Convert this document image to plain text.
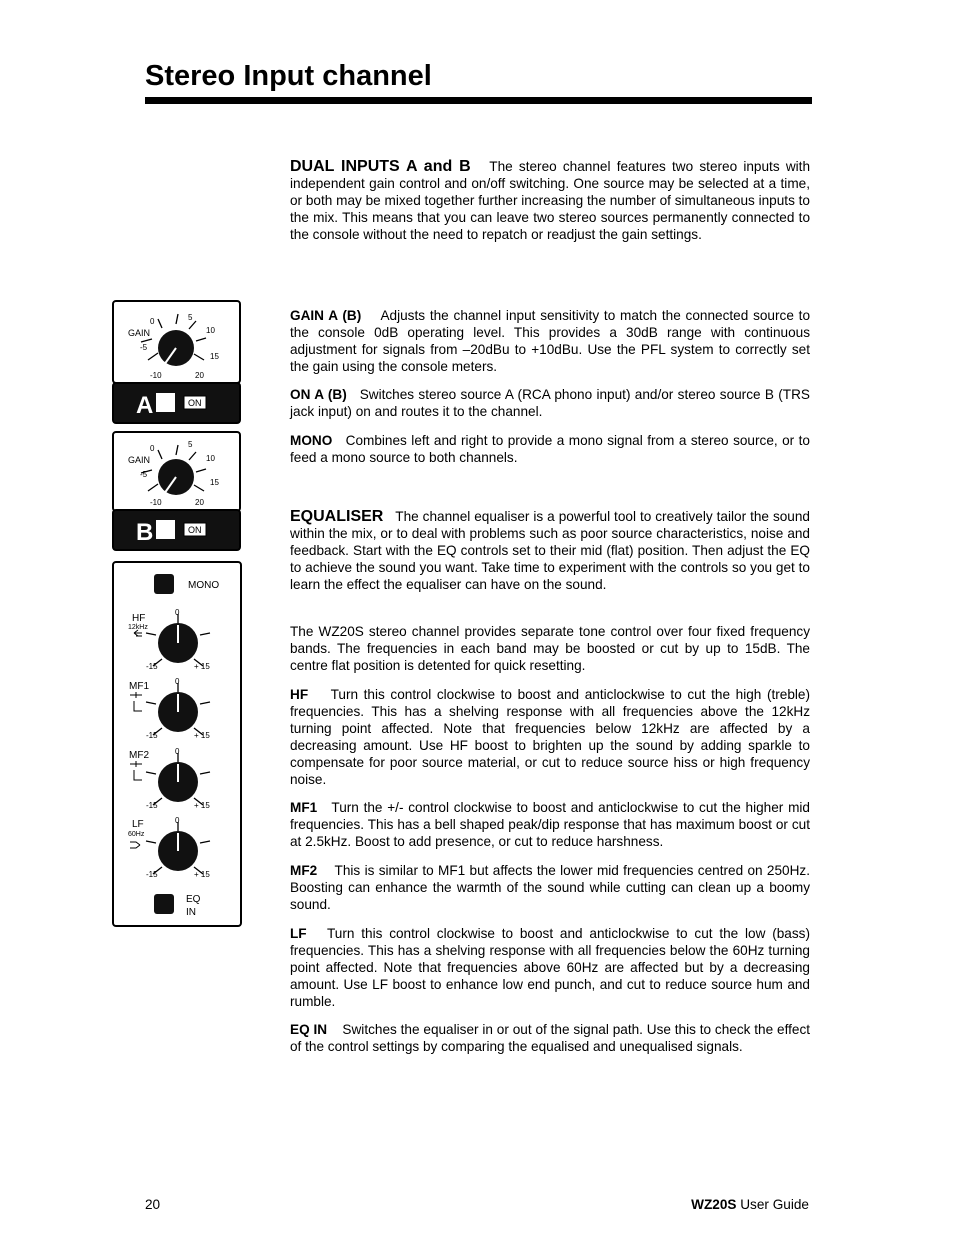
Stereo Input channel
GAIN
0	5
-5
10
15
-10	20
A	ON
GAIN
0	5
-5
10
15
-10	20
B	ON
MONO
0
HF
12kHz
-15	+ 15
0
MF1
-15	+ 15
0
MF2
-15	+ 15
0
LF
60Hz
-15	+ 15
EQ
IN

DUAL INPUTS A and B The stereo channel features two stereo inputs with independent gain control and on/off switching. One source may be selected at a time, or both may be mixed together further increasing the number of simultaneous inputs to the mix. This means that you can leave two stereo sources permanently connected to the console without the need to repatch or readjust the gain settings.

GAIN A (B) Adjusts the channel input sensitivity to match the connected source to the console 0dB operating level. This provides a 30dB range with continuous adjustment for signals from –20dBu to +10dBu. Use the PFL system to correctly set the gain using the console meters.

ON A (B) Switches stereo source A (RCA phono input) and/or stereo source B (TRS jack input) on and routes it to the channel.

MONO Combines left and right to provide a mono signal from a stereo source, or to feed a mono source to both channels.

EQUALISER The channel equaliser is a powerful tool to creatively tailor the sound within the mix, or to deal with problems such as poor source characteristics, noise and feedback. Start with the EQ controls set to their mid (flat) position. Then adjust the EQ to achieve the sound you want. Take time to experiment with the controls so you get to learn the effect the equaliser can have on the sound.

The WZ20S stereo channel provides separate tone control over four fixed frequency bands. The frequencies in each band may be boosted or cut by up to 15dB. The centre flat position is detented for quick resetting.

HF Turn this control clockwise to boost and anticlockwise to cut the high (treble) frequencies. This has a shelving response with all frequencies above the 12kHz turning point affected. Note that frequencies below 12kHz are affected by a decreasing amount. Use HF boost to brighten up the sound by adding sparkle to compensate for poor source material, or cut to reduce source hiss or high frequency noise.

MF1 Turn the +/- control clockwise to boost and anticlockwise to cut the higher mid frequencies. This has a bell shaped peak/dip response that has maximum boost or cut at 2.5kHz. Boost to add presence, or cut to reduce harshness.

MF2 This is similar to MF1 but affects the lower mid frequencies centred on 250Hz. Boosting can enhance the warmth of the sound while cutting can clean up a boomy sound.

LF Turn this control clockwise to boost and anticlockwise to cut the low (bass) frequencies. This has a shelving response with all frequencies below the 60Hz turning point affected. Note that frequencies above 60Hz are affected but by a decreasing amount. Use LF boost to enhance low end punch, and cut to reduce source hum and rumble.

EQ IN Switches the equaliser in or out of the signal path. Use this to check the effect of the control settings by comparing the equalised and unequalised signals.

20	WZ20S User Guide
